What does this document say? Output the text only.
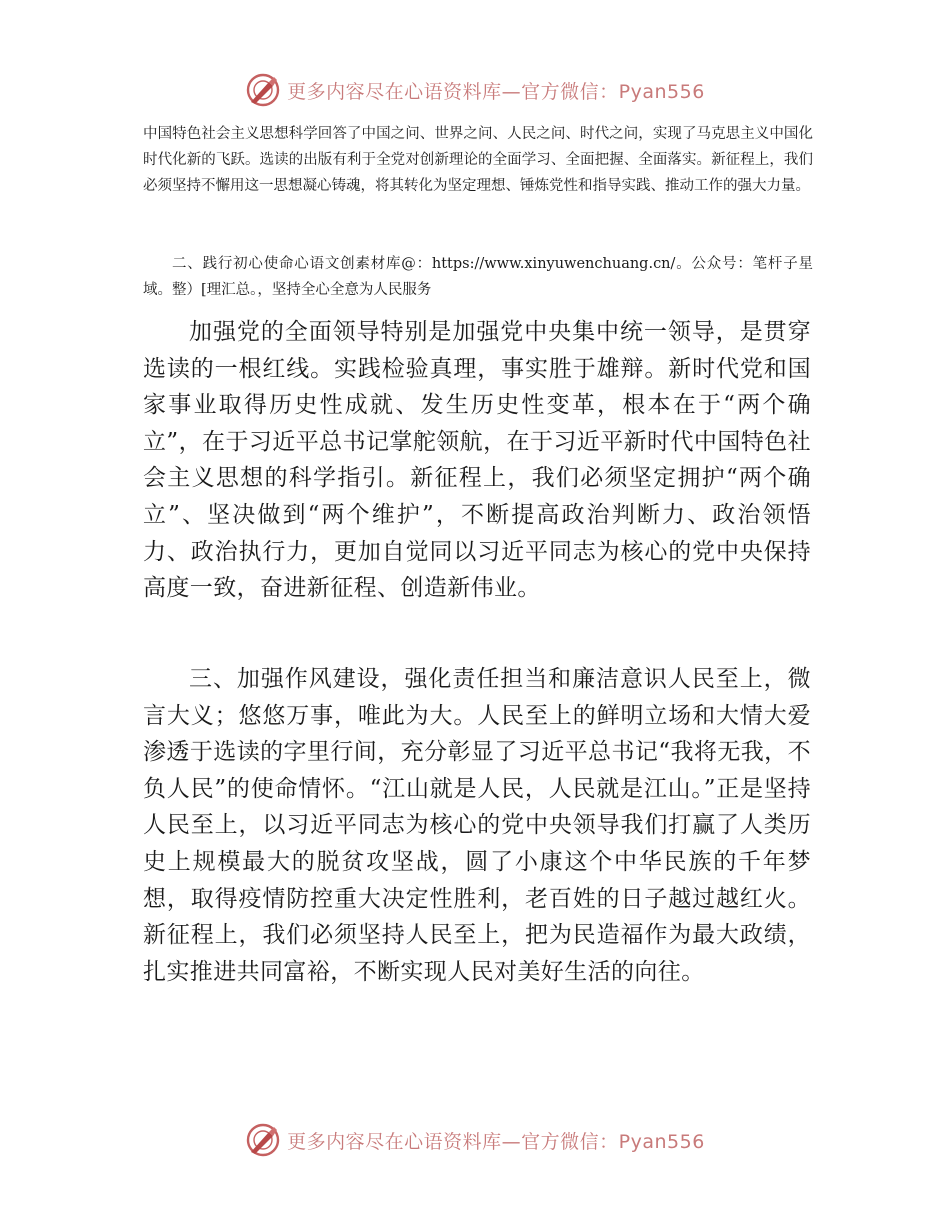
更多内容尽在心语资料库—官方微信：Pyan556

中国特色社会主义思想科学回答了中国之问、世界之问、人民之问、时代之问，实现了马克思主义中国化时代化新的飞跃。选读的出版有利于全党对创新理论的全面学习、全面把握、全面落实。新征程上，我们必须坚持不懈用这一思想凝心铸魂，将其转化为坚定理想、锤炼党性和指导实践、推动工作的强大力量。

二、践行初心使命心语文创素材库@：https://www.xinyuwenchuang.cn/。公众号：笔杆子星域。整）[理汇总。，坚持全心全意为人民服务

加强党的全面领导特别是加强党中央集中统一领导，是贯穿选读的一根红线。实践检验真理，事实胜于雄辩。新时代党和国家事业取得历史性成就、发生历史性变革，根本在于“两个确立”，在于习近平总书记掌舵领航，在于习近平新时代中国特色社会主义思想的科学指引。新征程上，我们必须坚定拥护“两个确立”、坚决做到“两个维护”，不断提高政治判断力、政治领悟力、政治执行力，更加自觉同以习近平同志为核心的党中央保持高度一致，奋进新征程、创造新伟业。

三、加强作风建设，强化责任担当和廉洁意识人民至上，微言大义；悠悠万事，唯此为大。人民至上的鲜明立场和大情大爱渗透于选读的字里行间，充分彰显了习近平总书记“我将无我，不负人民”的使命情怀。“江山就是人民，人民就是江山。”正是坚持人民至上，以习近平同志为核心的党中央领导我们打赢了人类历史上规模最大的脱贫攻坚战，圆了小康这个中华民族的千年梦想，取得疫情防控重大决定性胜利，老百姓的日子越过越红火。新征程上，我们必须坚持人民至上，把为民造福作为最大政绩，扎实推进共同富裕，不断实现人民对美好生活的向往。

更多内容尽在心语资料库—官方微信：Pyan556
